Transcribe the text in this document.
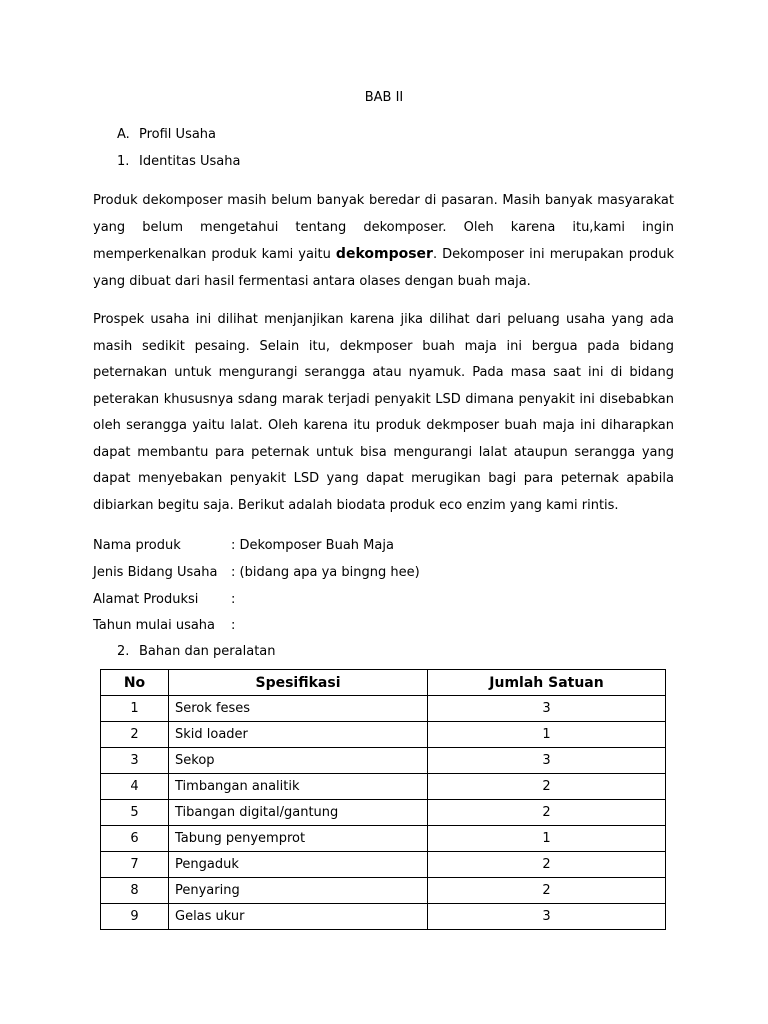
BAB II
A. Profil Usaha
1. Identitas Usaha

Produk dekomposer masih belum banyak beredar di pasaran. Masih banyak masyarakat yang belum mengetahui tentang dekomposer. Oleh karena itu,kami ingin memperkenalkan produk kami yaitu dekomposer. Dekomposer ini merupakan produk yang dibuat dari hasil fermentasi antara olases dengan buah maja.

Prospek usaha ini dilihat menjanjikan karena jika dilihat dari peluang usaha yang ada masih sedikit pesaing. Selain itu, dekmposer buah maja ini bergua pada bidang peternakan untuk mengurangi serangga atau nyamuk. Pada masa saat ini di bidang peterakan khususnya sdang marak terjadi penyakit LSD dimana penyakit ini disebabkan oleh serangga yaitu lalat. Oleh karena itu produk dekmposer buah maja ini diharapkan dapat membantu para peternak untuk bisa mengurangi lalat ataupun serangga yang dapat menyebakan penyakit LSD yang dapat merugikan bagi para peternak apabila dibiarkan begitu saja. Berikut adalah biodata produk eco enzim yang kami rintis.

Nama produk	: Dekomposer Buah Maja
Jenis Bidang Usaha : (bidang apa ya bingng hee)
Alamat Produksi	:
Tahun mulai usaha :
2. Bahan dan peralatan
No	Spesifikasi	Jumlah Satuan
1	Serok feses	3
2	Skid loader	1
3	Sekop	3
4	Timbangan analitik	2
5	Tibangan digital/gantung	2
6	Tabung penyemprot	1
7	Pengaduk	2
8	Penyaring	2
9	Gelas ukur	3
